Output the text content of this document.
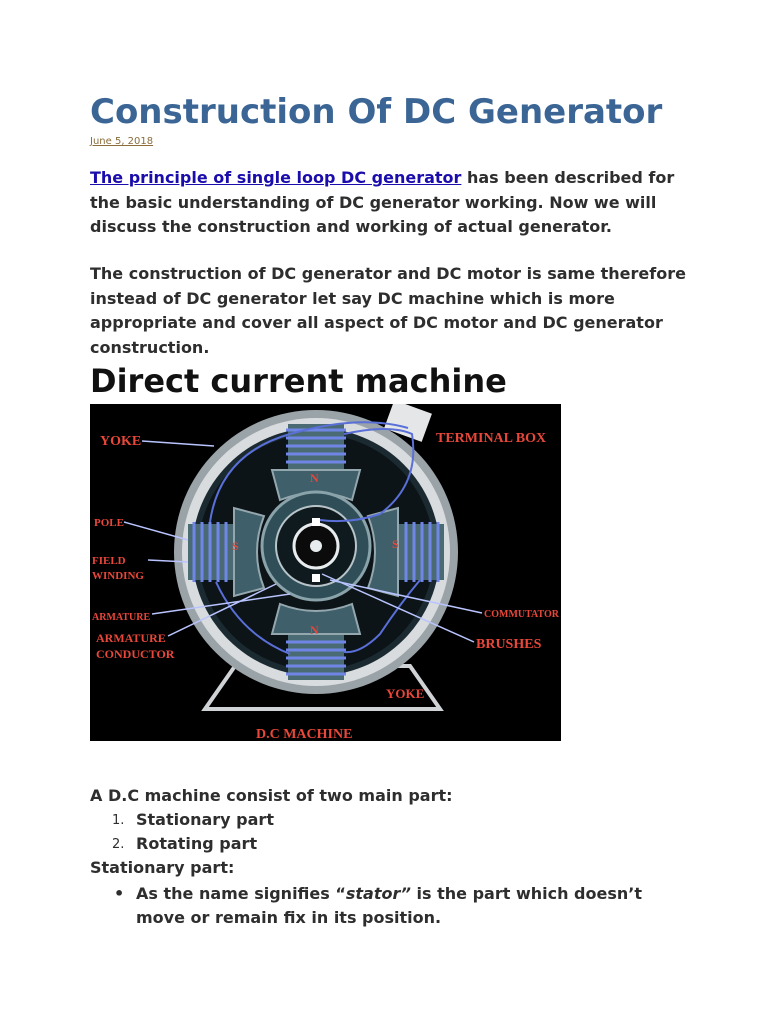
Construction Of DC Generator
June 5, 2018

The principle of single loop DC generator has been described for the basic understanding of DC generator working. Now we will discuss the construction and working of actual generator.

The construction of DC generator and DC motor is same therefore instead of DC generator let say DC machine which is more appropriate and cover all aspect of DC motor and DC generator construction.

Direct current machine
YOKE	TERMINAL BOX
POLE
FIELD
WINDING
ARMATURE
ARMATURE
CONDUCTOR
COMMUTATOR
BRUSHES
YOKE
D.C MACHINE
N
N
S	S
A D.C machine consist of two main part:
1. Stationary part
2. Rotating part
Stationary part:
• As the name signifies “stator” is the part which doesn’t move or remain fix in its position.
